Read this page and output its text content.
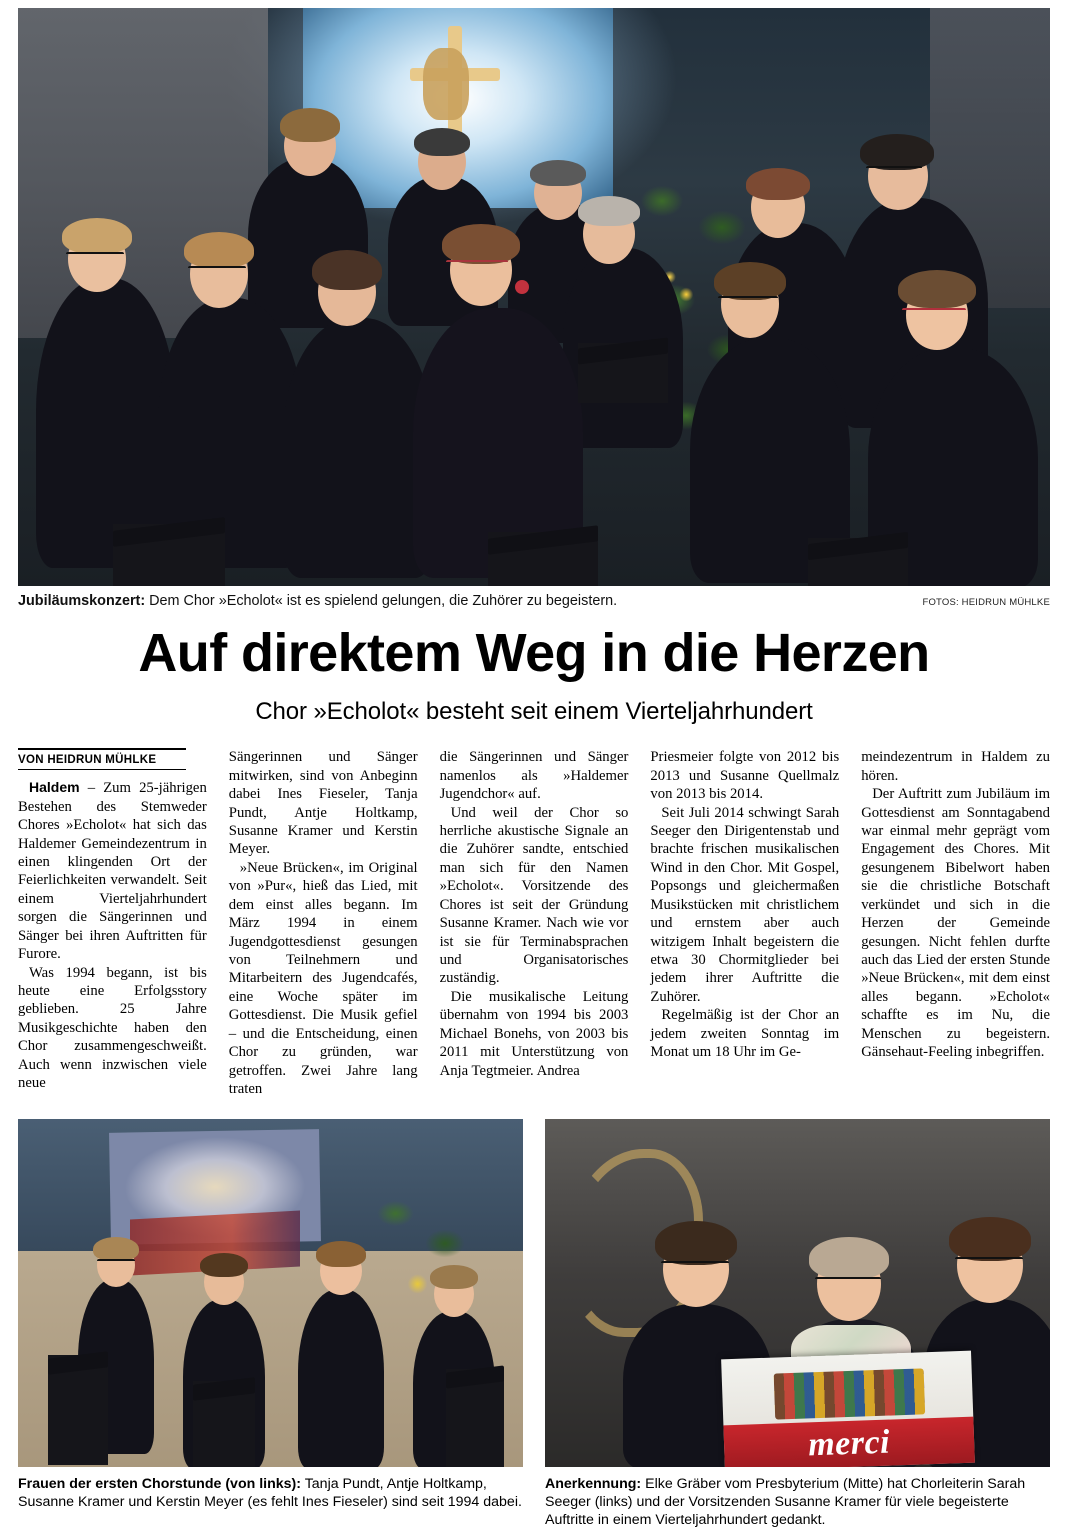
Jubiläumskonzert: Dem Chor »Echolot« ist es spielend gelungen, die Zuhörer zu begeistern.	FOTOS: HEIDRUN MÜHLKE
Auf direktem Weg in die Herzen
Chor »Echolot« besteht seit einem Vierteljahrhundert
VON HEIDRUN MÜHLKE

Haldem – Zum 25-jährigen Bestehen des Stemweder Chores »Echolot« hat sich das Haldemer Gemeindezentrum in einen klingenden Ort der Feierlichkeiten verwandelt. Seit einem Vierteljahrhundert sorgen die Sängerinnen und Sänger bei ihren Auftritten für Furore.

Was 1994 begann, ist bis heute eine Erfolgsstory geblieben. 25 Jahre Musikgeschichte haben den Chor zusammengeschweißt. Auch wenn inzwischen viele neue

Sängerinnen und Sänger mitwirken, sind von Anbeginn dabei Ines Fieseler, Tanja Pundt, Antje Holtkamp, Susanne Kramer und Kerstin Meyer.

»Neue Brücken«, im Original von »Pur«, hieß das Lied, mit dem einst alles begann. Im März 1994 in einem Jugendgottesdienst gesungen von Teilnehmern und Mitarbeitern des Jugendcafés, eine Woche später im Gottesdienst. Die Musik gefiel – und die Entscheidung, einen Chor zu gründen, war getroffen. Zwei Jahre lang traten

die Sängerinnen und Sänger namenlos als »Haldemer Jugendchor« auf.

Und weil der Chor so herrliche akustische Signale an die Zuhörer sandte, entschied man sich für den Namen »Echolot«. Vorsitzende des Chores ist seit der Gründung Susanne Kramer. Nach wie vor ist sie für Terminabsprachen und Organisatorisches zuständig.

Die musikalische Leitung übernahm von 1994 bis 2003 Michael Bonehs, von 2003 bis 2011 mit Unterstützung von Anja Tegtmeier. Andrea

Priesmeier folgte von 2012 bis 2013 und Susanne Quellmalz von 2013 bis 2014.

Seit Juli 2014 schwingt Sarah Seeger den Dirigentenstab und brachte frischen musikalischen Wind in den Chor. Mit Gospel, Popsongs und gleichermaßen Musikstücken mit christlichem und ernstem aber auch witzigem Inhalt begeistern die etwa 30 Chormitglieder bei jedem ihrer Auftritte die Zuhörer.

Regelmäßig ist der Chor an jedem zweiten Sonntag im Monat um 18 Uhr im Ge-

meindezentrum in Haldem zu hören.

Der Auftritt zum Jubiläum im Gottesdienst am Sonntagabend war einmal mehr geprägt vom Engagement des Chores. Mit gesungenem Bibelwort haben sie die christliche Botschaft verkündet und sich in die Herzen der Gemeinde gesungen. Nicht fehlen durfte auch das Lied der ersten Stunde »Neue Brücken«, mit dem einst alles begann. »Echolot« schaffte es im Nu, die Menschen zu begeistern. Gänsehaut-Feeling inbegriffen.

Frauen der ersten Chorstunde (von links): Tanja Pundt, Antje Holtkamp, Susanne Kramer und Kerstin Meyer (es fehlt Ines Fieseler) sind seit 1994 dabei.
merci
Anerkennung: Elke Gräber vom Presbyterium (Mitte) hat Chorleiterin Sarah Seeger (links) und der Vorsitzenden Susanne Kramer für viele begeisterte Auftritte in einem Vierteljahrhundert gedankt.
